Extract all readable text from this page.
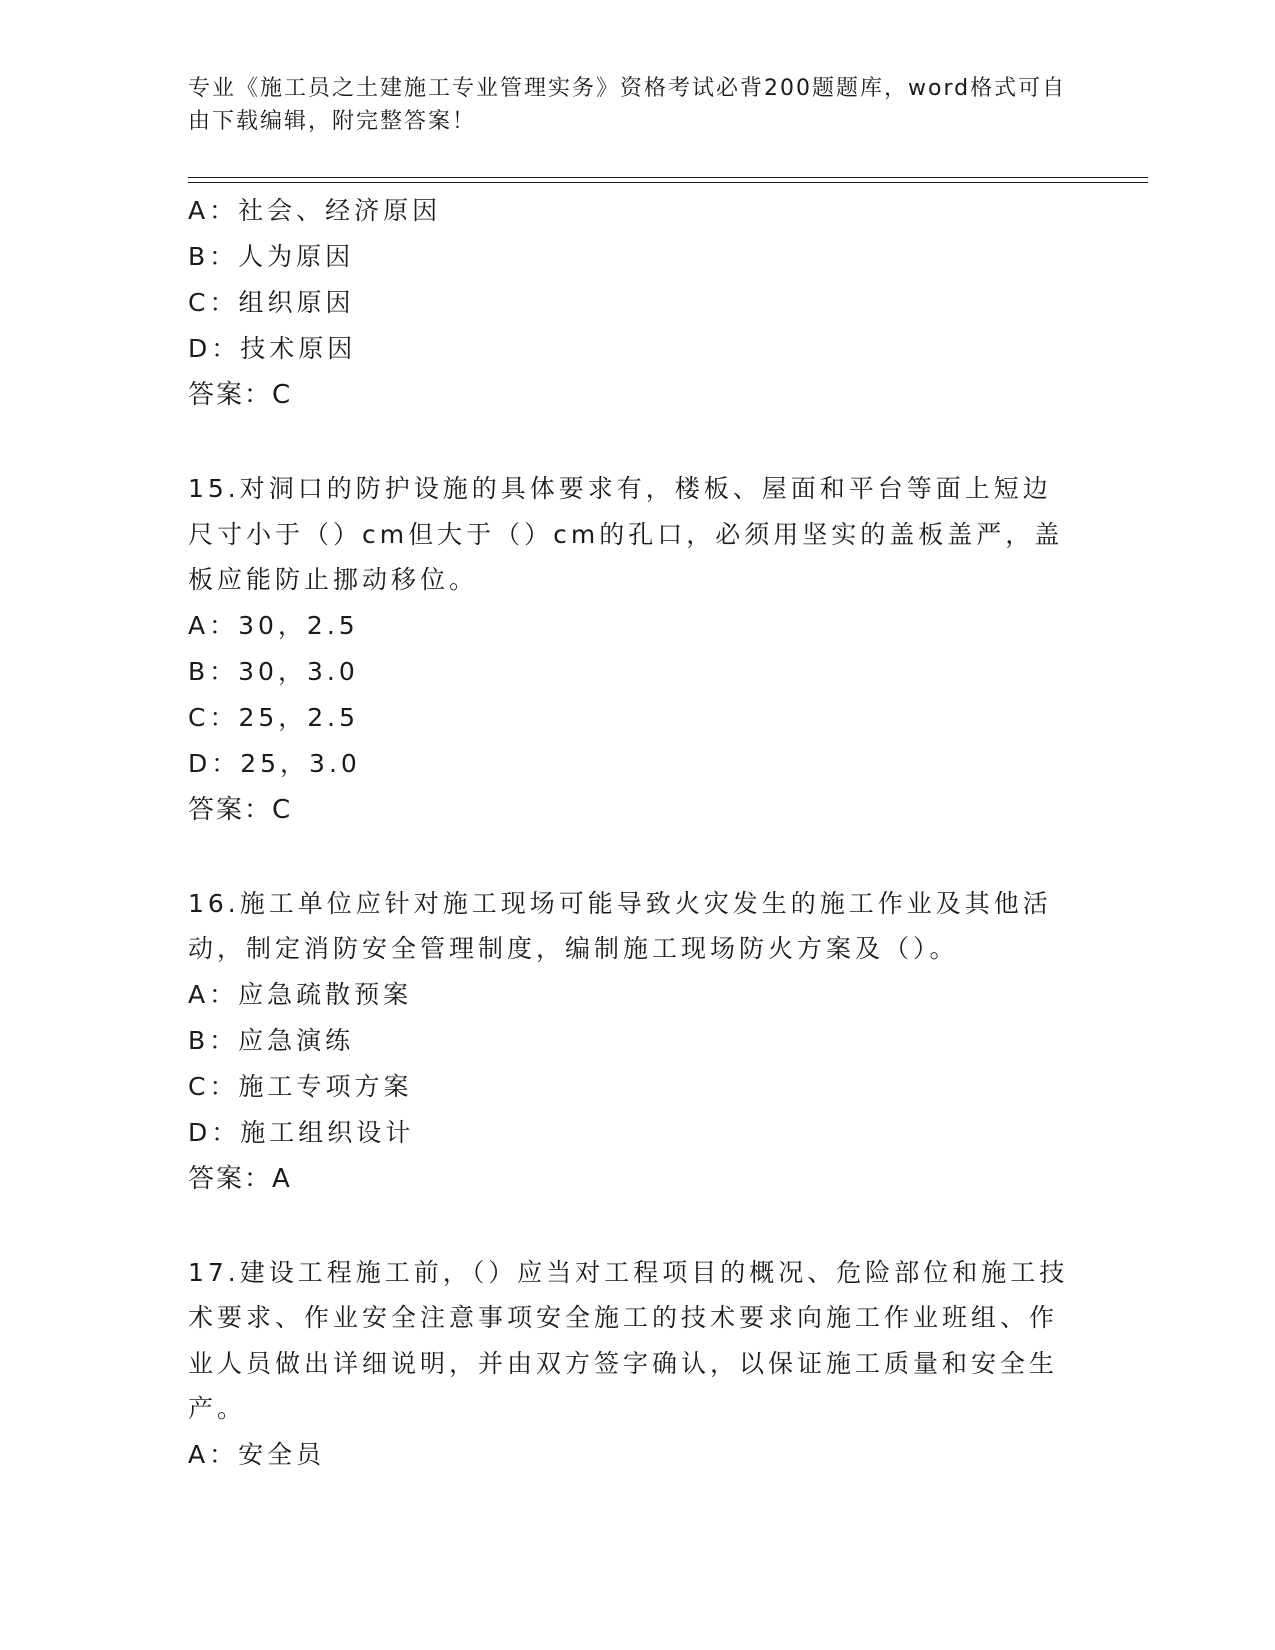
专业《施工员之土建施工专业管理实务》资格考试必背200题题库，word格式可自由下载编辑，附完整答案！
A：社会、经济原因
B：人为原因
C：组织原因
D：技术原因
答案：C
15.对洞口的防护设施的具体要求有，楼板、屋面和平台等面上短边尺寸小于（）cm但大于（）cm的孔口，必须用坚实的盖板盖严，盖板应能防止挪动移位。
A：30，2.5
B：30，3.0
C：25，2.5
D：25，3.0
答案：C
16.施工单位应针对施工现场可能导致火灾发生的施工作业及其他活动，制定消防安全管理制度，编制施工现场防火方案及（）。
A：应急疏散预案
B：应急演练
C：施工专项方案
D：施工组织设计
答案：A
17.建设工程施工前，（）应当对工程项目的概况、危险部位和施工技术要求、作业安全注意事项安全施工的技术要求向施工作业班组、作业人员做出详细说明，并由双方签字确认，以保证施工质量和安全生产。
A：安全员
